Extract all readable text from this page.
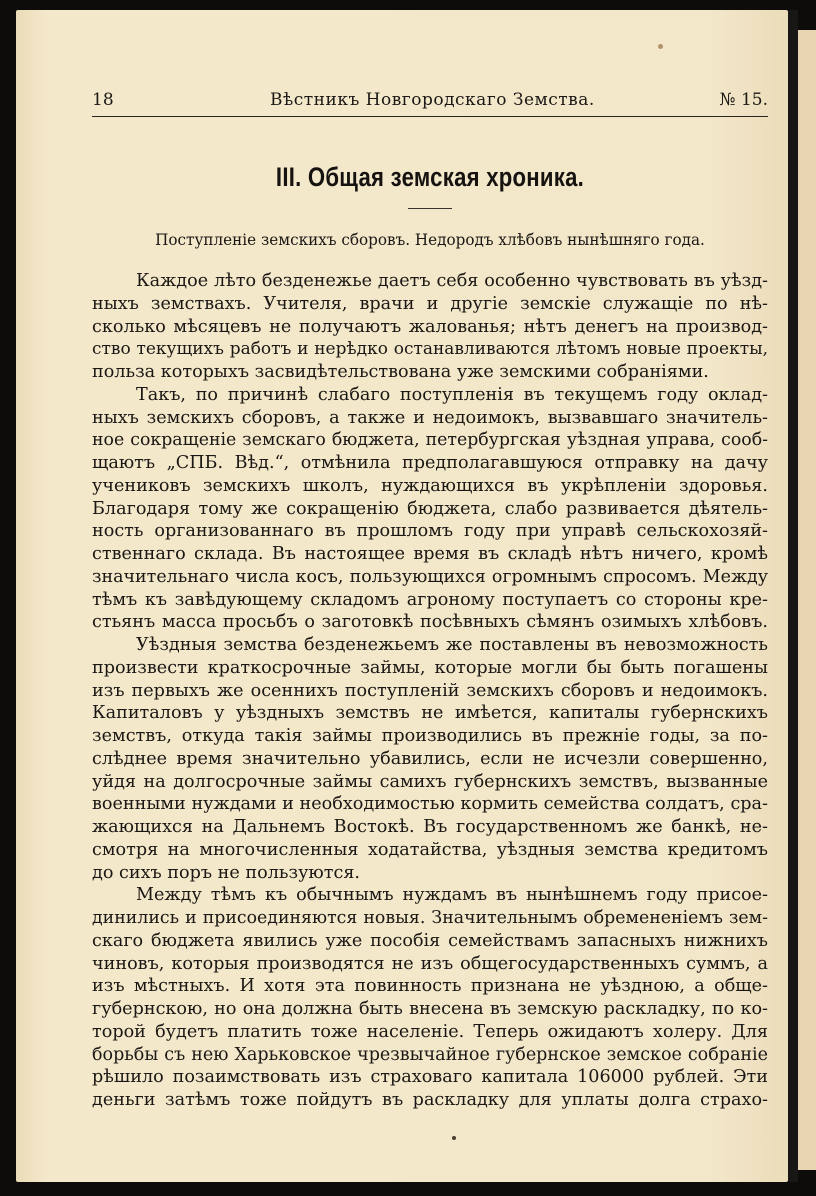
18	Вѣстникъ Новгородскаго Земства.	№ 15.
III. Общая земская хроника.
Поступленіе земскихъ сборовъ. Недородъ хлѣбовъ нынѣшняго года.
Каждое лѣто безденежье даетъ себя особенно чувствовать въ уѣзд-
ныхъ земствахъ. Учителя, врачи и другіе земскіе служащіе по нѣ-
сколько мѣсяцевъ не получаютъ жалованья; нѣтъ денегъ на производ-
ство текущихъ работъ и нерѣдко останавливаются лѣтомъ новые проекты,
польза которыхъ засвидѣтельствована уже земскими собраніями.
Такъ, по причинѣ слабаго поступленія въ текущемъ году оклад-
ныхъ земскихъ сборовъ, а также и недоимокъ, вызвавшаго значитель-
ное сокращеніе земскаго бюджета, петербургская уѣздная управа, сооб-
щаютъ „СПБ. Вѣд.“, отмѣнила предполагавшуюся отправку на дачу
учениковъ земскихъ школъ, нуждающихся въ укрѣпленіи здоровья.
Благодаря тому же сокращенію бюджета, слабо развивается дѣятель-
ность организованнаго въ прошломъ году при управѣ сельскохозяй-
ственнаго склада. Въ настоящее время въ складѣ нѣтъ ничего, кромѣ
значительнаго числа косъ, пользующихся огромнымъ спросомъ. Между
тѣмъ къ завѣдующему складомъ агроному поступаетъ со стороны кре-
стьянъ масса просьбъ о заготовкѣ посѣвныхъ сѣмянъ озимыхъ хлѣбовъ.
Уѣздныя земства безденежьемъ же поставлены въ невозможность
произвести краткосрочные займы, которые могли бы быть погашены
изъ первыхъ же осеннихъ поступленій земскихъ сборовъ и недоимокъ.
Капиталовъ у уѣздныхъ земствъ не имѣется, капиталы губернскихъ
земствъ, откуда такія займы производились въ прежніе годы, за по-
слѣднее время значительно убавились, если не исчезли совершенно,
уйдя на долгосрочные займы самихъ губернскихъ земствъ, вызванные
военными нуждами и необходимостью кормить семейства солдатъ, сра-
жающихся на Дальнемъ Востокѣ. Въ государственномъ же банкѣ, не-
смотря на многочисленныя ходатайства, уѣздныя земства кредитомъ
до сихъ поръ не пользуются.
Между тѣмъ къ обычнымъ нуждамъ въ нынѣшнемъ году присое-
динились и присоединяются новыя. Значительнымъ обремененіемъ зем-
скаго бюджета явились уже пособія семействамъ запасныхъ нижнихъ
чиновъ, которыя производятся не изъ общегосударственныхъ суммъ, а
изъ мѣстныхъ. И хотя эта повинность признана не уѣздною, а обще-
губернскою, но она должна быть внесена въ земскую раскладку, по ко-
торой будетъ платить тоже населеніе. Теперь ожидаютъ холеру. Для
борьбы съ нею Харьковское чрезвычайное губернское земское собраніе
рѣшило позаимствовать изъ страховаго капитала 106000 рублей. Эти
деньги затѣмъ тоже пойдутъ въ раскладку для уплаты долга страхо-
